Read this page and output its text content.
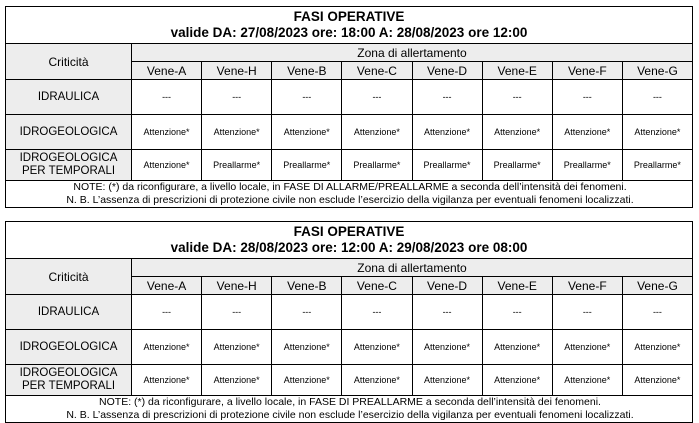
FASI OPERATIVE
valide DA: 27/08/2023 ore: 18:00 A: 28/08/2023 ore 12:00								

Criticità	Zona di allertamento							
	Vene-A	Vene-H	Vene-B	Vene-C	Vene-D	Vene-E	Vene-F	Vene-G
IDRAULICA	---	---	---	---	---	---	---	---
IDROGEOLOGICA	Attenzione*	Attenzione*	Attenzione*	Attenzione*	Attenzione*	Attenzione*	Attenzione*	Attenzione*

IDROGEOLOGICA
PER TEMPORALI	Attenzione*	Preallarme*	Preallarme*	Preallarme*	Preallarme*	Preallarme*	Preallarme*	Preallarme*

NOTE: (*) da riconfigurare, a livello locale, in FASE DI ALLARME/PREALLARME a seconda dell’intensità dei fenomeni.
N. B. L’assenza di prescrizioni di protezione civile non esclude l’esercizio della vigilanza per eventuali fenomeni localizzati.								
FASI OPERATIVE
valide DA: 28/08/2023 ore: 12:00 A: 29/08/2023 ore 08:00								

Criticità	Zona di allertamento							
	Vene-A	Vene-H	Vene-B	Vene-C	Vene-D	Vene-E	Vene-F	Vene-G
IDRAULICA	---	---	---	---	---	---	---	---
IDROGEOLOGICA	Attenzione*	Attenzione*	Attenzione*	Attenzione*	Attenzione*	Attenzione*	Attenzione*	Attenzione*

IDROGEOLOGICA
PER TEMPORALI	Attenzione*	Attenzione*	Attenzione*	Attenzione*	Attenzione*	Attenzione*	Attenzione*	Attenzione*

NOTE: (*) da riconfigurare, a livello locale, in FASE DI PREALLARME a seconda dell’intensità dei fenomeni.
N. B. L’assenza di prescrizioni di protezione civile non esclude l’esercizio della vigilanza per eventuali fenomeni localizzati.								
